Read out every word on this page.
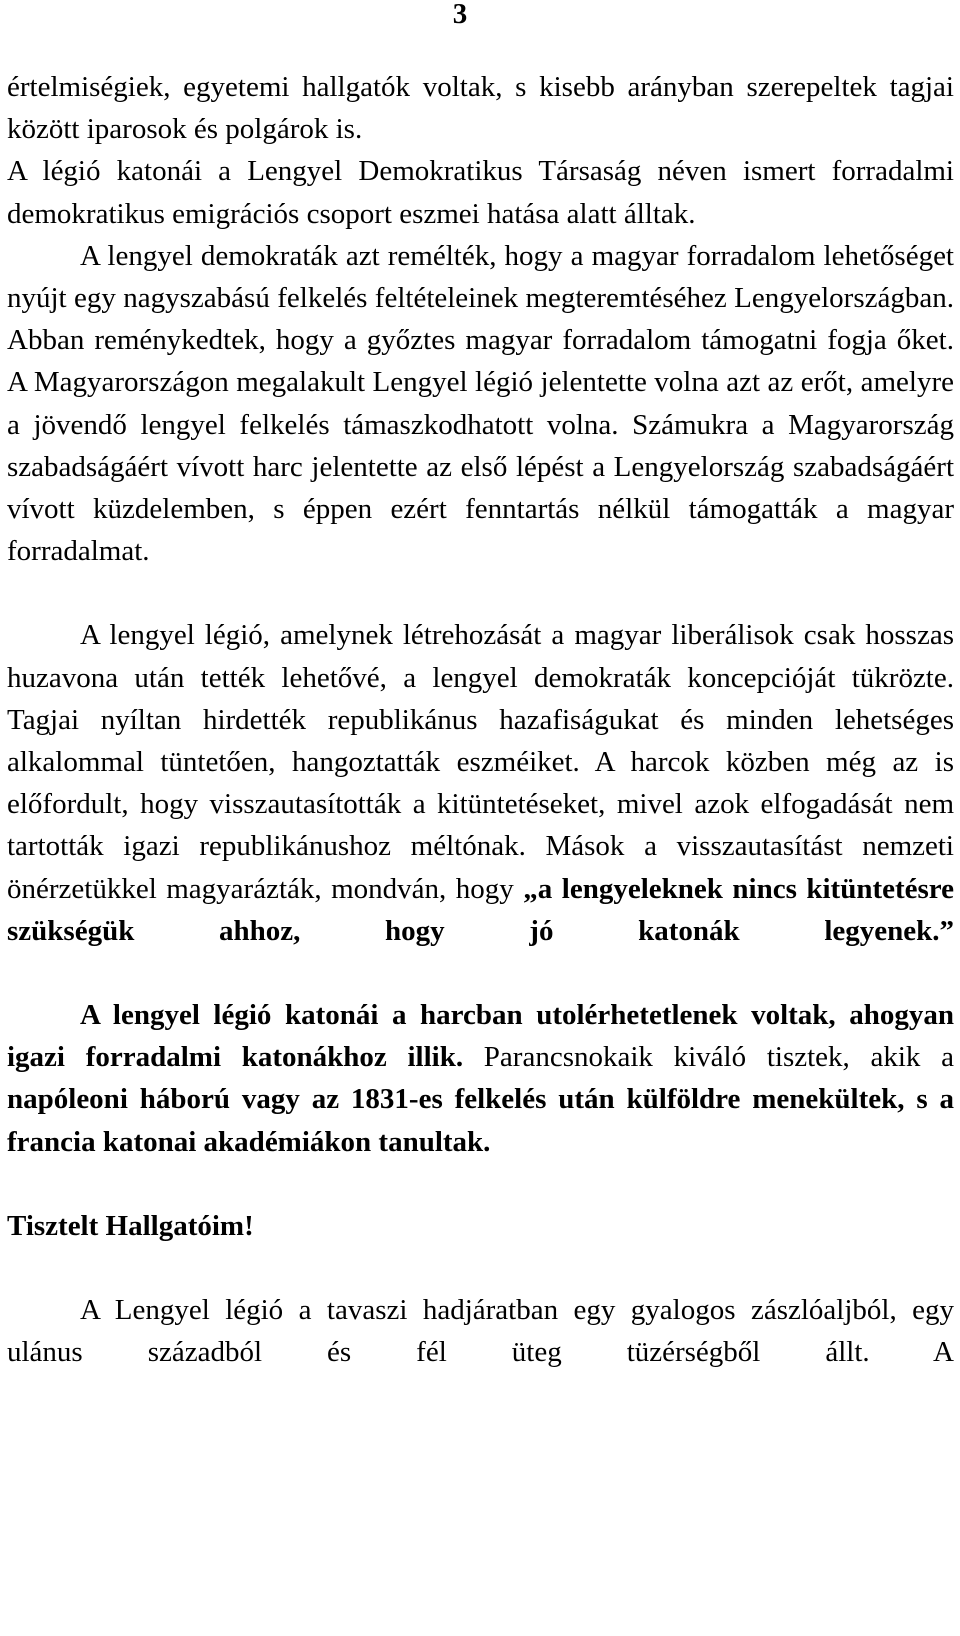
3

értelmiségiek, egyetemi hallgatók voltak, s kisebb arányban szerepeltek tagjai között iparosok és polgárok is.

A légió katonái a Lengyel Demokratikus Társaság néven ismert forradalmi demokratikus emigrációs csoport eszmei hatása alatt álltak.

A lengyel demokraták azt remélték, hogy a magyar forradalom lehetőséget nyújt egy nagyszabású felkelés feltételeinek megteremtéséhez Lengyelországban. Abban reménykedtek, hogy a győztes magyar forradalom támogatni fogja őket. A Magyarországon megalakult Lengyel légió jelentette volna azt az erőt, amelyre a jövendő lengyel felkelés támaszkodhatott volna. Számukra a Magyarország szabadságáért vívott harc jelentette az első lépést a Lengyelország szabadságáért vívott küzdelemben, s éppen ezért fenntartás nélkül támogatták a magyar forradalmat.

A lengyel légió, amelynek létrehozását a magyar liberálisok csak hosszas huzavona után tették lehetővé, a lengyel demokraták koncepcióját tükrözte. Tagjai nyíltan hirdették republikánus hazafiságukat és minden lehetséges alkalommal tüntetően, hangoztatták eszméiket. A harcok közben még az is előfordult, hogy visszautasították a kitüntetéseket, mivel azok elfogadását nem tartották igazi republikánushoz méltónak. Mások a visszautasítást nemzeti önérzetükkel magyarázták, mondván, hogy „a lengyeleknek nincs kitüntetésre szükségük ahhoz, hogy jó katonák legyenek.”

A lengyel légió katonái a harcban utolérhetetlenek voltak, ahogyan igazi forradalmi katonákhoz illik. Parancsnokaik kiváló tisztek, akik a napóleoni háború vagy az 1831-es felkelés után külföldre menekültek, s a francia katonai akadémiákon tanultak.

Tisztelt Hallgatóim!

A Lengyel légió a tavaszi hadjáratban egy gyalogos zászlóaljból, egy ulánus századból és fél üteg tüzérségből állt. A
